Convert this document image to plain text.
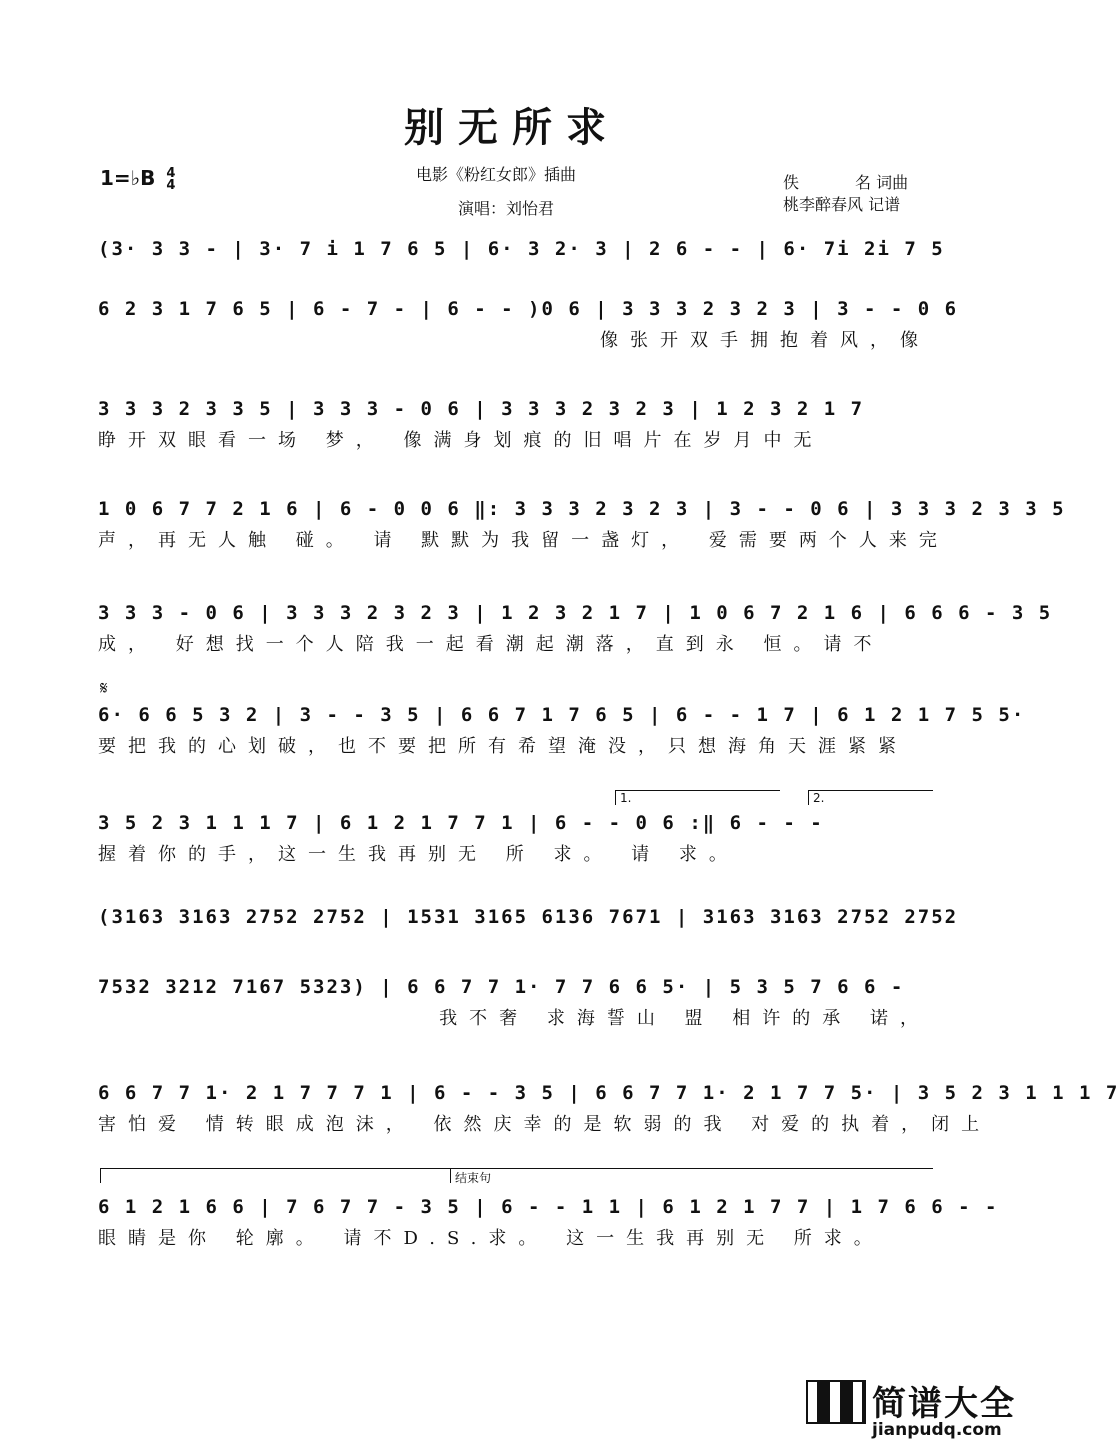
别无所求
1=♭B 4
4
电影《粉红女郎》插曲
演唱：刘怡君
佚	名 词曲
桃李醉春风 记谱
𝄋
(3· 3 3 - | 3· 7 i 1 7 6 5 | 6· 3 2· 3 | 2 6 - - | 6· 7i 2i 7 5
6 2 3 1 7 6 5 | 6 - 7 - | 6 - - )0 6 | 3 3 3 2 3 2 3 | 3 - - 0 6
像张开双手拥抱着风，像
3 3 3 2 3 3 5 | 3 3 3 - 0 6 | 3 3 3 2 3 2 3 | 1 2 3 2 1 7
睁开双眼看一场 梦， 像满身划痕的旧唱片在岁月中无
1 0 6 7 7 2 1 6 | 6 - 0 0 6 ‖: 3 3 3 2 3 2 3 | 3 - - 0 6 | 3 3 3 2 3 3 5
声，再无人触 碰。 请 默默为我留一盏灯， 爱需要两个人来完
3 3 3 - 0 6 | 3 3 3 2 3 2 3 | 1 2 3 2 1 7 | 1 0 6 7 2 1 6 | 6 6 6 - 3 5
成， 好想找一个人陪我一起看潮起潮落，直到永 恒。请不
6· 6 6 5 3 2 | 3 - - 3 5 | 6 6 7 1 7 6 5 | 6 - - 1 7 | 6 1 2 1 7 5 5·
要把我的心划破，也不要把所有希望淹没，只想海角天涯紧紧
1.	2.
3 5 2 3 1 1 1 7 | 6 1 2 1 7 7 1 | 6 - - 0 6 :‖ 6 - - -
握着你的手，这一生我再别无 所 求。 请 求。
(3163 3163 2752 2752 | 1531 3165 6136 7671 | 3163 3163 2752 2752
7532 3212 7167 5323) | 6 6 7 7 1· 7 7 6 6 5· | 5 3 5 7 6 6 -
我不奢 求海誓山 盟 相许的承 诺，
6 6 7 7 1· 2 1 7 7 7 1 | 6 - - 3 5 | 6 6 7 7 1· 2 1 7 7 5· | 3 5 2 3 1 1 1 7
害怕爱 情转眼成泡沫， 依然庆幸的是软弱的我 对爱的执着，闭上
结束句
6 1 2 1 6 6 | 7 6 7 7 - 3 5 | 6 - - 1 1 | 6 1 2 1 7 7 | 1 7 6 6 - -
眼睛是你 轮廓。 请不D.S.求。 这一生我再别无 所求。
简谱大全
jianpudq.com
